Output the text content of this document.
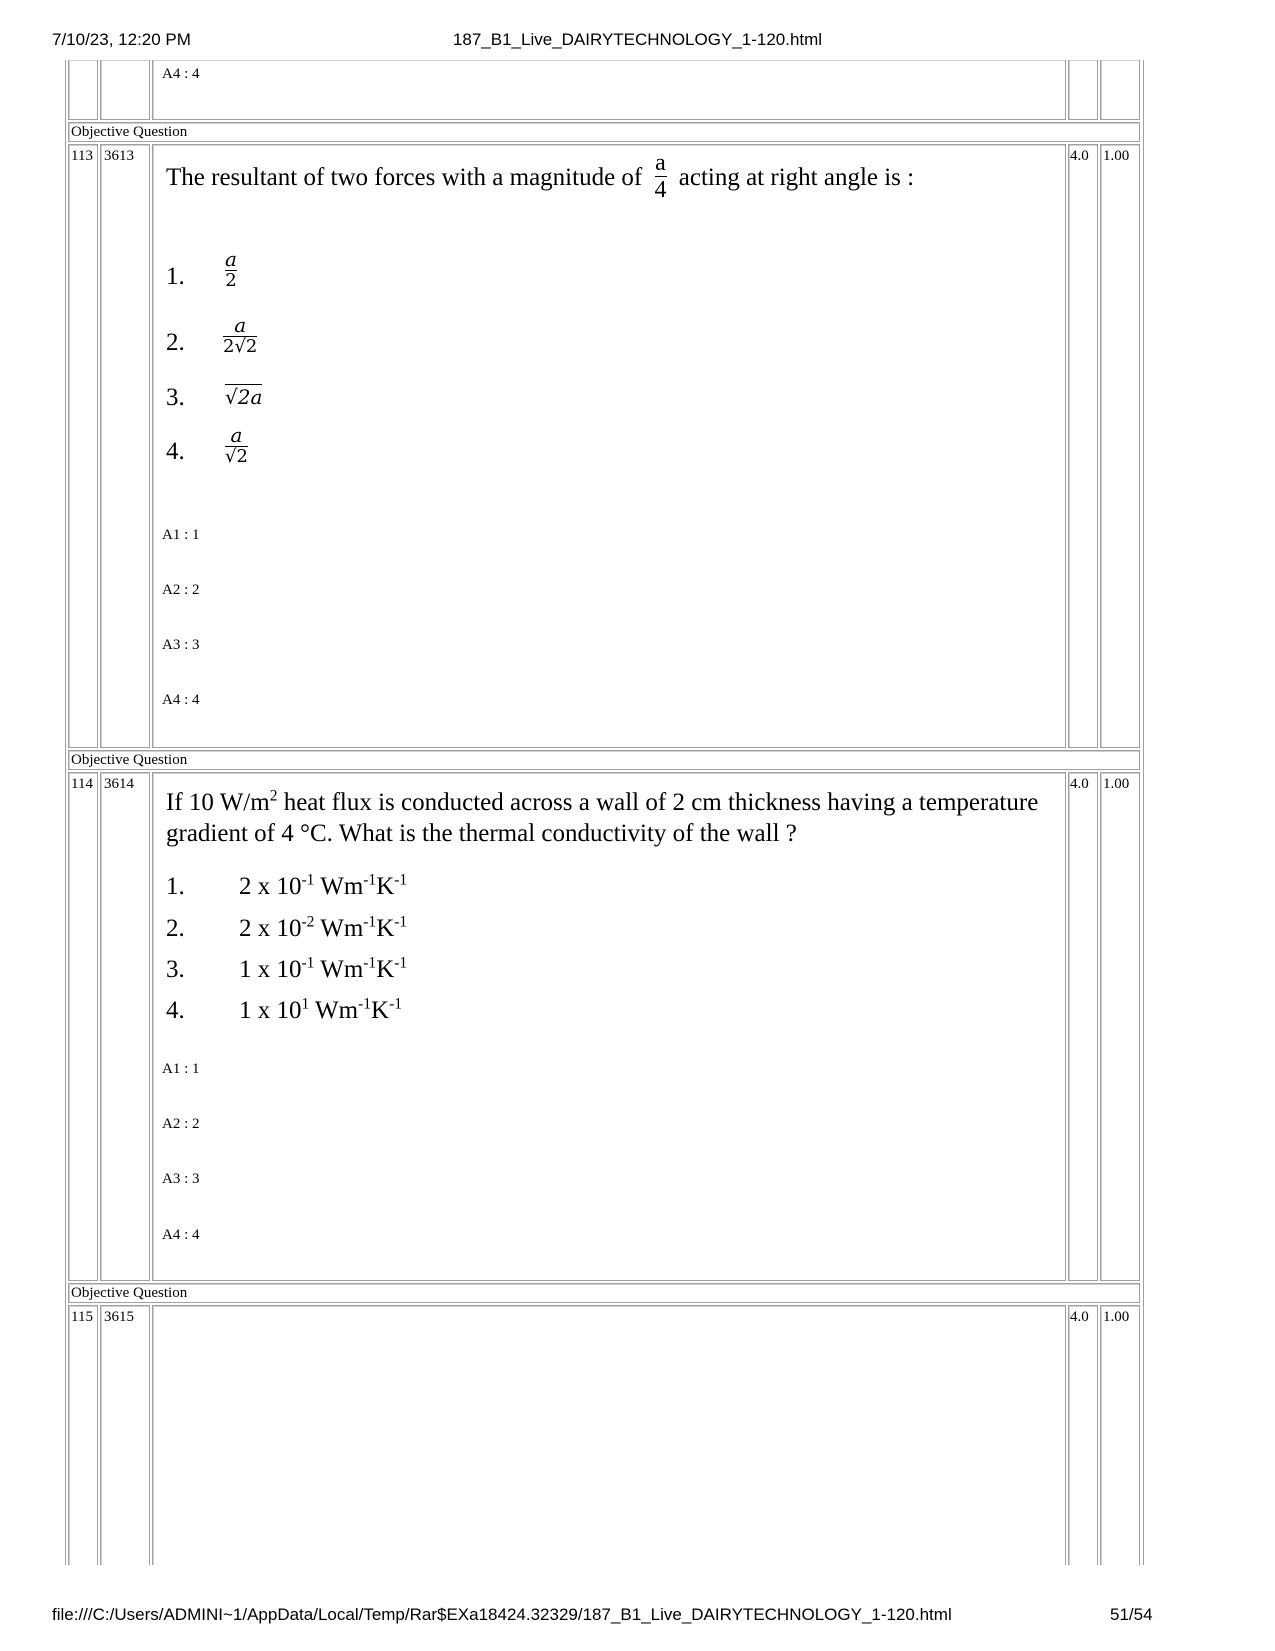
7/10/23, 12:20 PM	187_B1_Live_DAIRYTECHNOLOGY_1-120.html
A4 : 4
Objective Question
113 3613
The resultant of two forces with a magnitude of $\frac{a}{4}$ acting at right angle is :
1. $\frac{a}{2}$
2. $\frac{a}{2√2}$
3. √2a
4. $\frac{a}{√2}$
A1 : 1
A2 : 2
A3 : 3
A4 : 4
4.0 1.00
Objective Question
114 3614
If 10 $W/m^2$ heat flux is conducted across a wall of 2 cm thickness having a temperature
gradient of 4 °C. What is the thermal conductivity of the wall ?
1. 2 x $10^{-1}$ $Wm^{-1}K^{-1}$
2. 2 x $10^{-2}$ $Wm^{-1}K^{-1}$
3. 1 x $10^{-1}$ $Wm^{-1}K^{-1}$
4. 1 x $10^1$ $Wm^{-1}K^{-1}$
A1 : 1
A2 : 2
A3 : 3
A4 : 4
4.0 1.00
Objective Question
115 3615	4.0 1.00
file:///C:/Users/ADMINI~1/AppData/Local/Temp/Rar$EXa18424.32329/187_B1_Live_DAIRYTECHNOLOGY_1-120.html	51/54
